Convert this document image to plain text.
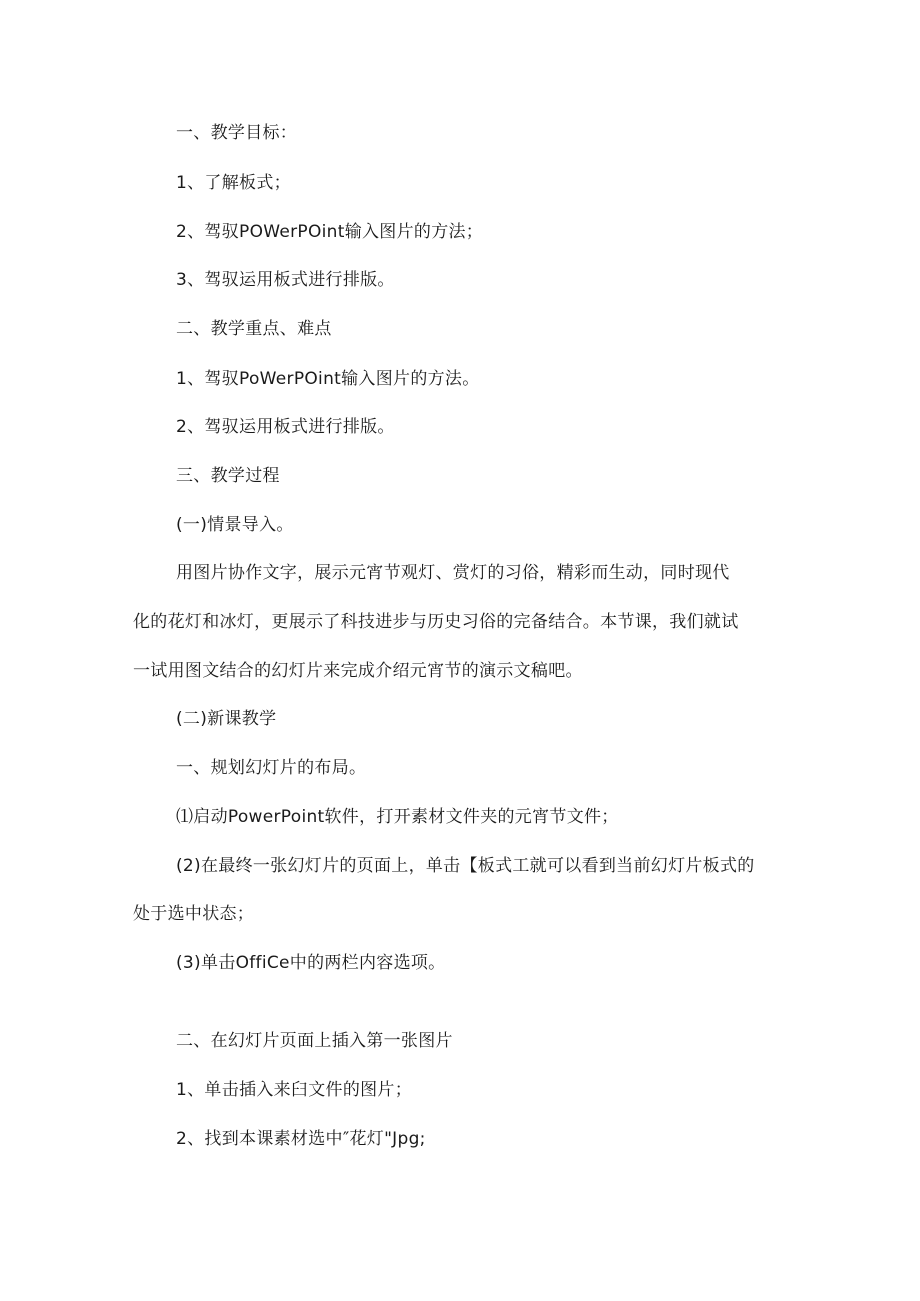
一、教学目标：

1、了解板式；

2、驾驭POWerPOint输入图片的方法；

3、驾驭运用板式进行排版。

二、教学重点、难点

1、驾驭PoWerPOint输入图片的方法。

2、驾驭运用板式进行排版。

三、教学过程

(一)情景导入。

用图片协作文字，展示元宵节观灯、赏灯的习俗，精彩而生动，同时现代

化的花灯和冰灯，更展示了科技进步与历史习俗的完备结合。本节课，我们就试

一试用图文结合的幻灯片来完成介绍元宵节的演示文稿吧。

(二)新课教学

一、规划幻灯片的布局。

⑴启动PowerPoint软件，打开素材文件夹的元宵节文件；

(2)在最终一张幻灯片的页面上，单击【板式工就可以看到当前幻灯片板式的

处于选中状态；

(3)单击OffiCe中的两栏内容选项。

二、在幻灯片页面上插入第一张图片

1、单击插入来臼文件的图片；

2、找到本课素材选中″花灯"Jpg;
